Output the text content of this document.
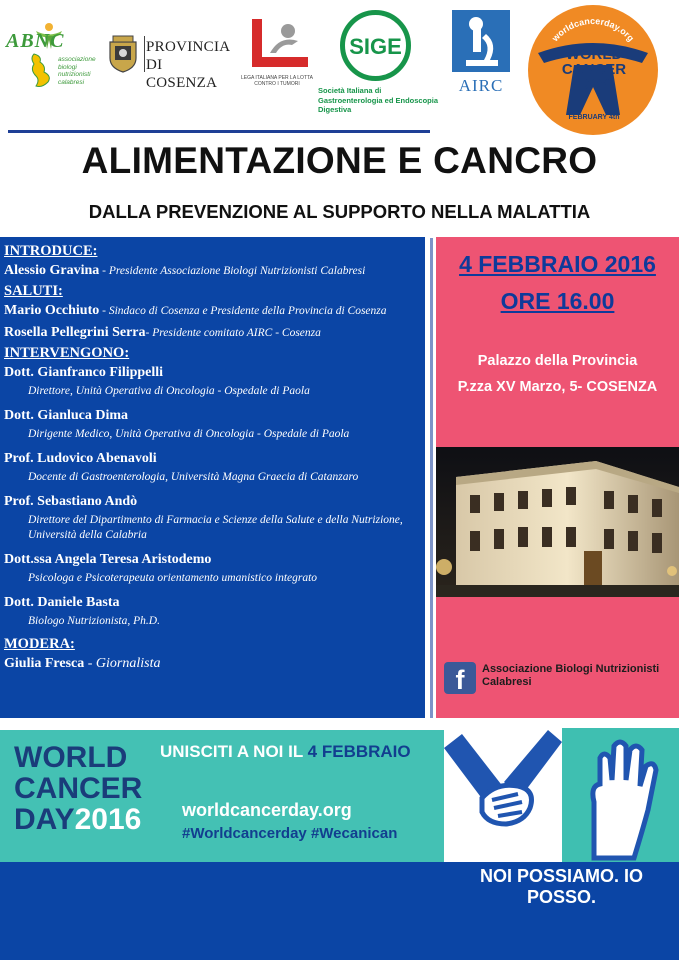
ABNC
associazione biologi nutrizionisti calabresi
PROVINCIA
DI COSENZA	LEGA ITALIANA PER LA LOTTA CONTRO I TUMORI
SIGE
Società Italiana di Gastroenterologia ed Endoscopia Digestiva
AIRC
worldcancerday.org
WORLD
CANCER
DAY
FEBRUARY 4th
ALIMENTAZIONE E CANCRO
DALLA PREVENZIONE AL SUPPORTO NELLA MALATTIA
INTRODUCE:
Alessio Gravina - Presidente Associazione Biologi Nutrizionisti Calabresi
SALUTI:
Mario Occhiuto - Sindaco di Cosenza e Presidente della Provincia di Cosenza
Rosella Pellegrini Serra- Presidente comitato AIRC - Cosenza
INTERVENGONO:
Dott. Gianfranco Filippelli
Direttore, Unità Operativa di Oncologia - Ospedale di Paola
Dott. Gianluca Dima
Dirigente Medico, Unità Operativa di Oncologia - Ospedale di Paola
Prof. Ludovico Abenavoli
Docente di Gastroenterologia, Università Magna Graecia di Catanzaro
Prof. Sebastiano Andò
Direttore del Dipartimento di Farmacia e Scienze della Salute e della Nutrizione, Università della Calabria
Dott.ssa Angela Teresa Aristodemo
Psicologa e Psicoterapeuta orientamento umanistico integrato
Dott. Daniele Basta
Biologo Nutrizionista, Ph.D.
MODERA:
Giulia Fresca - Giornalista
4 FEBBRAIO 2016
ORE 16.00
Palazzo della Provincia
P.zza XV Marzo, 5- COSENZA
f	Associazione Biologi Nutrizionisti Calabresi
WORLD
CANCER
DAY2016
UNISCITI A NOI IL 4 FEBBRAIO
worldcancerday.org
#Worldcancerday #Wecanican
NOI POSSIAMO. IO POSSO.
